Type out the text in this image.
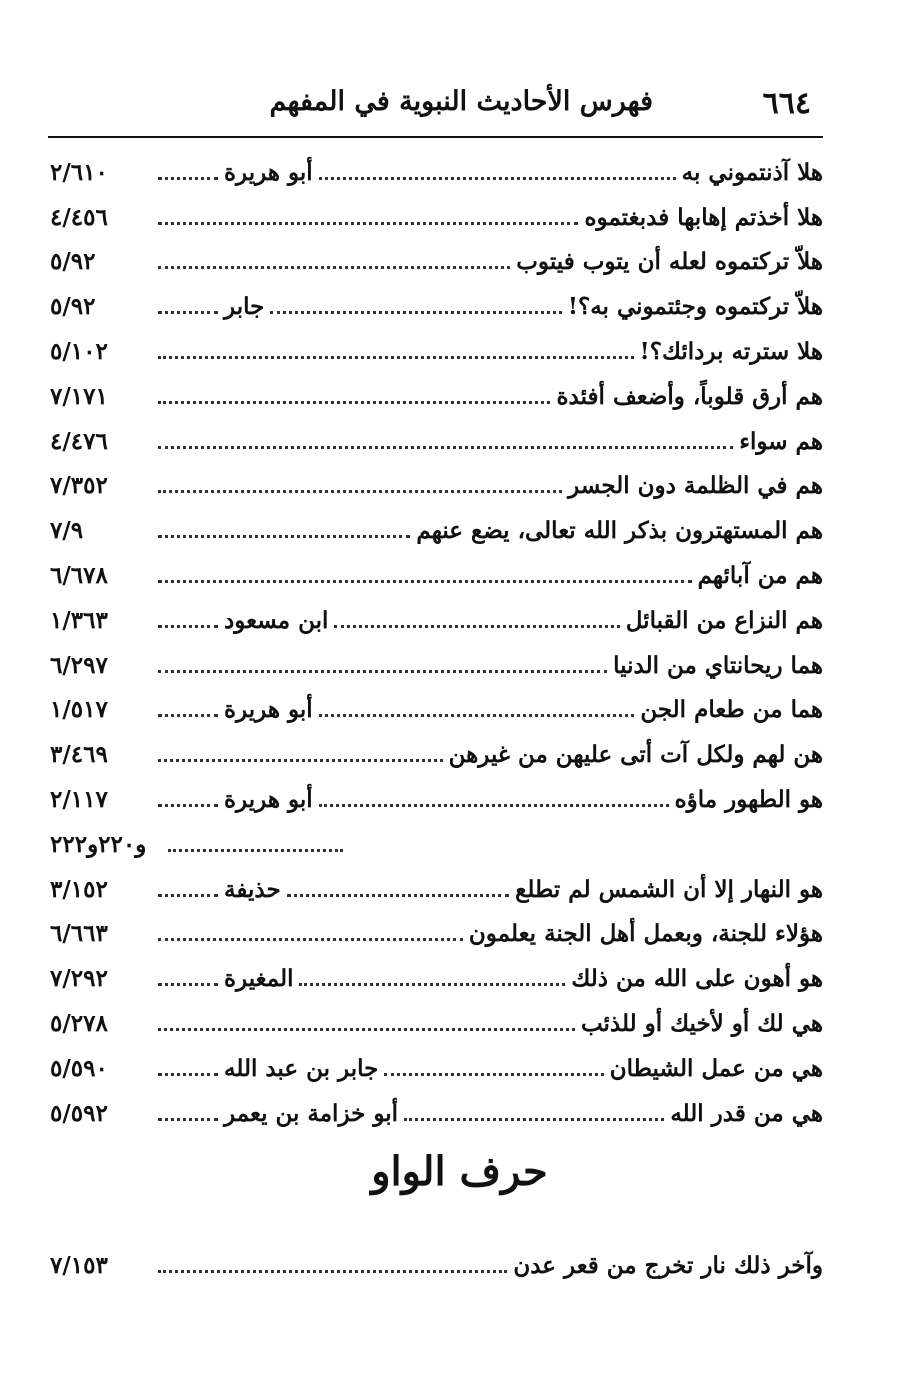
٦٦٤
فهرس الأحاديث النبوية في المفهم
هلا آذنتموني به
أبو هريرة
٢/٦١٠
هلا أخذتم إهابها فدبغتموه
٤/٤٥٦
هلاّ تركتموه لعله أن يتوب فيتوب
٥/٩٢
هلاّ تركتموه وجئتموني به؟!
جابر
٥/٩٢
هلا سترته بردائك؟!
٥/١٠٢
هم أرق قلوباً، وأضعف أفئدة
٧/١٧١
هم سواء
٤/٤٧٦
هم في الظلمة دون الجسر
٧/٣٥٢
هم المستهترون بذكر الله تعالى، يضع عنهم
٧/٩
هم من آبائهم
٦/٦٧٨
هم النزاع من القبائل
ابن مسعود
١/٣٦٣
هما ريحانتاي من الدنيا
٦/٢٩٧
هما من طعام الجن
أبو هريرة
١/٥١٧
هن لهم ولكل آت أتى عليهن من غيرهن
٣/٤٦٩
هو الطهور ماؤه
أبو هريرة
٢/١١٧
و٢٢٠و٢٢٢
هو النهار إلا أن الشمس لم تطلع
حذيفة
٣/١٥٢
هؤلاء للجنة، وبعمل أهل الجنة يعلمون
٦/٦٦٣
هو أهون على الله من ذلك
المغيرة
٧/٢٩٢
هي لك أو لأخيك أو للذئب
٥/٢٧٨
هي من عمل الشيطان
جابر بن عبد الله
٥/٥٩٠
هي من قدر الله
أبو خزامة بن يعمر
٥/٥٩٢
حرف الواو
وآخر ذلك نار تخرج من قعر عدن
٧/١٥٣
